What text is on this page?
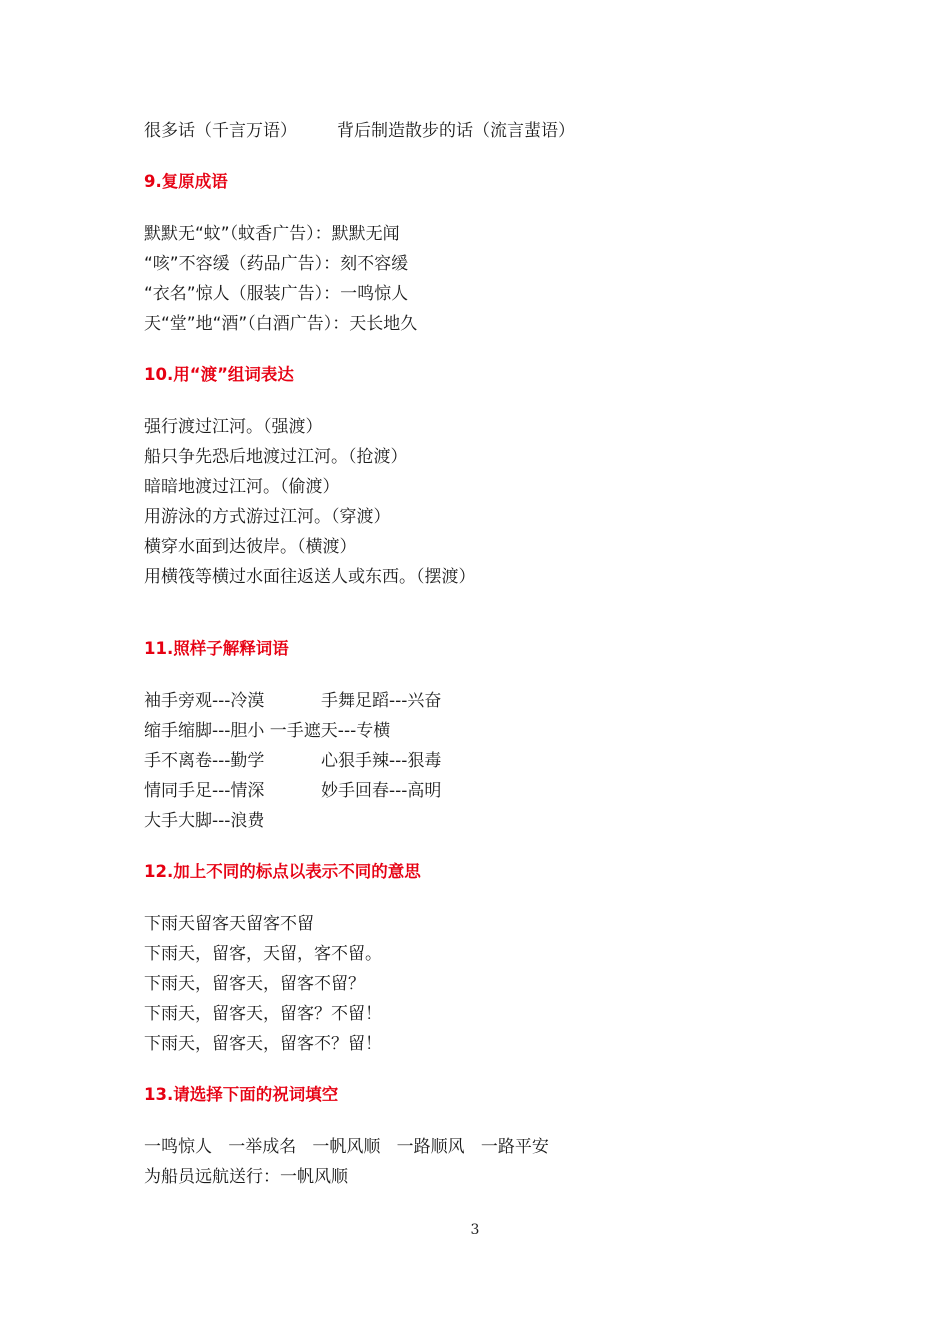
很多话（千言万语） 背后制造散步的话（流言蜚语）
9.复原成语
默默无“蚊”（蚊香广告）：默默无闻
“咳”不容缓（药品广告）：刻不容缓
“衣名”惊人（服装广告）：一鸣惊人
天“堂”地“酒”（白酒广告）：天长地久
10.用“渡”组词表达
强行渡过江河。（强渡）
船只争先恐后地渡过江河。（抢渡）
暗暗地渡过江河。（偷渡）
用游泳的方式游过江河。（穿渡）
横穿水面到达彼岸。（横渡）
用横筏等横过水面往返送人或东西。（摆渡）
11.照样子解释词语
袖手旁观---冷漠	手舞足蹈---兴奋
缩手缩脚---胆小 一手遮天---专横
手不离卷---勤学	心狠手辣---狠毒
情同手足---情深	妙手回春---高明
大手大脚---浪费
12.加上不同的标点以表示不同的意思
下雨天留客天留客不留
下雨天，留客，天留，客不留。
下雨天，留客天，留客不留？
下雨天，留客天，留客？不留！
下雨天，留客天，留客不？留！
13.请选择下面的祝词填空
一鸣惊人   一举成名   一帆风顺   一路顺风   一路平安
为船员远航送行：一帆风顺
3
